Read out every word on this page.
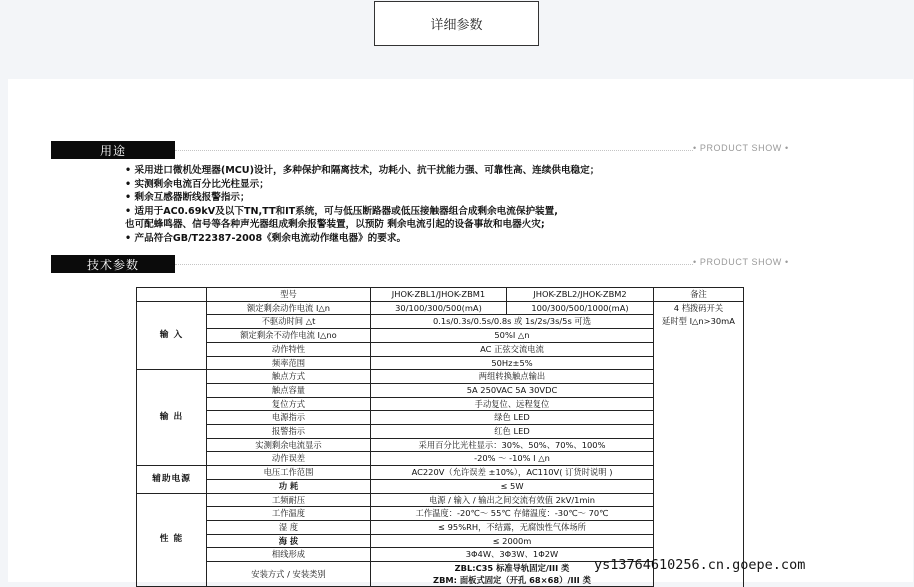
详细参数
用途	• PRODUCT SHOW •
• 采用进口微机处理器(MCU)设计，多种保护和隔离技术，功耗小、抗干扰能力强、可靠性高、连续供电稳定；
• 实测剩余电流百分比光柱显示；
• 剩余互感器断线报警指示；
• 适用于AC0.69kV及以下TN,TT和IT系统，可与低压断路器或低压接触器组合成剩余电流保护装置,
也可配蜂鸣器、信号等各种声光器组成剩余报警装置，以预防 剩余电流引起的设备事故和电器火灾;
• 产品符合GB/T22387-2008《剩余电流动作继电器》的要求。
技术参数	• PRODUCT SHOW •
	型号	JHOK-ZBL1/JHOK-ZBM1	JHOK-ZBL2/JHOK-ZBM2	备注
输 入	额定剩余动作电流 I△n	30/100/300/500(mA)	100/300/500/1000(mA)	4 档拨码开关
	不驱动时间 △t	0.1s/0.3s/0.5s/0.8s 或 1s/2s/3s/5s 可选		延时型 I△n>30mA
	额定剩余不动作电流 I△no	50%I △n		
	动作特性	AC 正弦交流电流		
	频率范围	50Hz±5%		
输 出	触点方式	两组转换触点输出		
	触点容量	5A 250VAC 5A 30VDC		
	复位方式	手动复位、远程复位		
	电源指示	绿色 LED		
	报警指示	红色 LED		
	实测剩余电流显示	采用百分比光柱显示：30%、50%、70%、100%		
	动作误差	-20% ～ -10% I △n		
辅助电源	电压工作范围	AC220V（允许误差 ±10%），AC110V( 订货时说明 )		
	功 耗	≤ 5W		
性 能	工频耐压	电源 / 输入 / 输出之间交流有效值 2kV/1min		
	工作温度	工作温度：-20℃～ 55℃ 存储温度：-30℃～ 70℃		
	湿 度	≤ 95%RH，不结露，无腐蚀性气体场所		
	海 拔	≤ 2000m		
	相线形成	3Φ4W、3Φ3W、1Φ2W		
	安装方式 / 安装类别	ZBL:C35 标准导轨固定/III 类
ZBM: 面板式固定（开孔 68×68）/III 类		
ys13764610256.cn.goepe.com
